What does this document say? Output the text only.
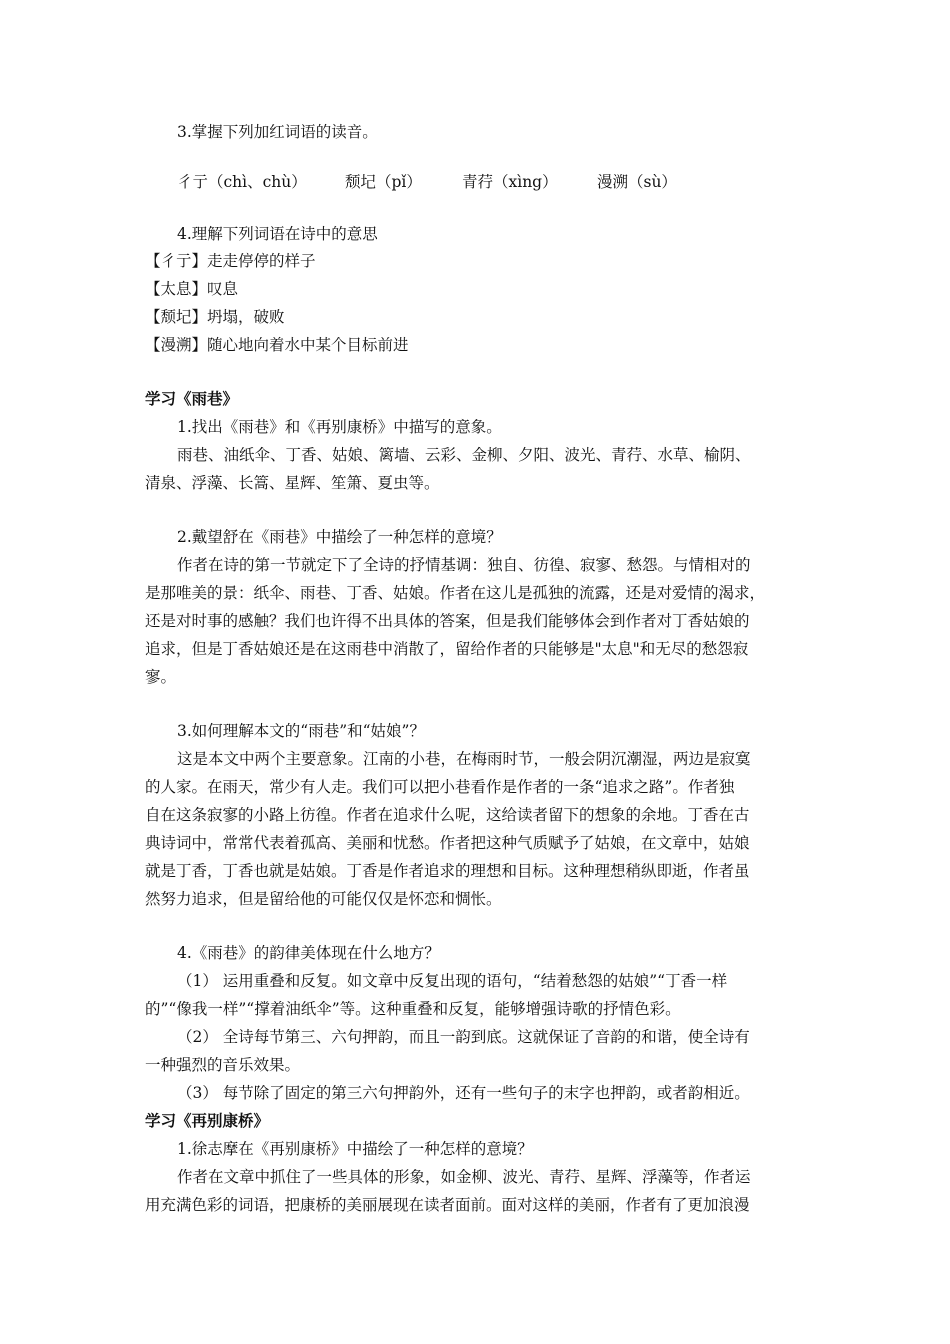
3.掌握下列加红词语的读音。
彳亍（chì、chù） 颓圮（pǐ）	青荇（xìng）	漫溯（sù）
4.理解下列词语在诗中的意思
【彳亍】走走停停的样子
【太息】叹息
【颓圮】坍塌，破败
【漫溯】随心地向着水中某个目标前进
学习《雨巷》
1.找出《雨巷》和《再别康桥》中描写的意象。
雨巷、油纸伞、丁香、姑娘、篱墙、云彩、金柳、夕阳、波光、青荇、水草、榆阴、
清泉、浮藻、长篙、星辉、笙箫、夏虫等。
2.戴望舒在《雨巷》中描绘了一种怎样的意境？
作者在诗的第一节就定下了全诗的抒情基调：独自、彷徨、寂寥、愁怨。与情相对的
是那唯美的景：纸伞、雨巷、丁香、姑娘。作者在这儿是孤独的流露，还是对爱情的渴求，
还是对时事的感触？我们也许得不出具体的答案，但是我们能够体会到作者对丁香姑娘的
追求，但是丁香姑娘还是在这雨巷中消散了，留给作者的只能够是"太息"和无尽的愁怨寂
寥。
3.如何理解本文的“雨巷”和“姑娘”？
这是本文中两个主要意象。江南的小巷，在梅雨时节，一般会阴沉潮湿，两边是寂寞
的人家。在雨天，常少有人走。我们可以把小巷看作是作者的一条“追求之路”。作者独
自在这条寂寥的小路上彷徨。作者在追求什么呢，这给读者留下的想象的余地。丁香在古
典诗词中，常常代表着孤高、美丽和忧愁。作者把这种气质赋予了姑娘，在文章中，姑娘
就是丁香，丁香也就是姑娘。丁香是作者追求的理想和目标。这种理想稍纵即逝，作者虽
然努力追求，但是留给他的可能仅仅是怀恋和惆怅。
4.《雨巷》的韵律美体现在什么地方？
（1） 运用重叠和反复。如文章中反复出现的语句，“结着愁怨的姑娘”“丁香一样
的”“像我一样”“撑着油纸伞”等。这种重叠和反复，能够增强诗歌的抒情色彩。
（2） 全诗每节第三、六句押韵，而且一韵到底。这就保证了音韵的和谐，使全诗有
一种强烈的音乐效果。
（3） 每节除了固定的第三六句押韵外，还有一些句子的末字也押韵，或者韵相近。
学习《再别康桥》
1.徐志摩在《再别康桥》中描绘了一种怎样的意境？
作者在文章中抓住了一些具体的形象，如金柳、波光、青荇、星辉、浮藻等，作者运
用充满色彩的词语，把康桥的美丽展现在读者面前。面对这样的美丽，作者有了更加浪漫
